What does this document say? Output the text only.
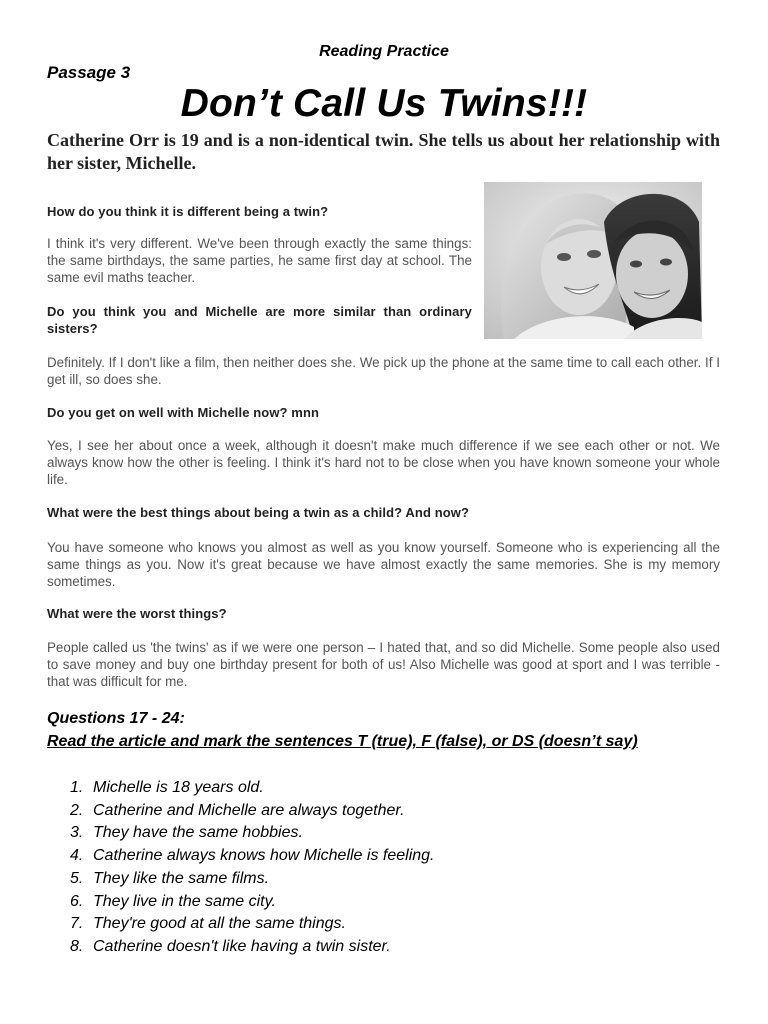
Reading Practice
Passage 3
Don’t Call Us Twins!!!
Catherine Orr is 19 and is a non-identical twin. She tells us about her relationship with her sister, Michelle.
How do you think it is different being a twin?
I think it's very different. We've been through exactly the same things: the same birthdays, the same parties, he same first day at school. The same evil maths teacher.
Do you think you and Michelle are more similar than ordinary sisters?
Definitely. If I don't like a film, then neither does she. We pick up the phone at the same time to call each other. If I get ill, so does she.
Do you get on well with Michelle now? mnn
Yes, I see her about once a week, although it doesn't make much difference if we see each other or not. We always know how the other is feeling. I think it's hard not to be close when you have known someone your whole life.
What were the best things about being a twin as a child? And now?
You have someone who knows you almost as well as you know yourself. Someone who is experiencing all the same things as you. Now it's great because we have almost exactly the same memories. She is my memory sometimes.
What were the worst things?
People called us 'the twins' as if we were one person – I hated that, and so did Michelle. Some people also used to save money and buy one birthday present for both of us! Also Michelle was good at sport and I was terrible - that was difficult for me.
Questions 17 - 24:
Read the article and mark the sentences T (true), F (false), or DS (doesn’t say)
1. Michelle is 18 years old.
2. Catherine and Michelle are always together.
3. They have the same hobbies.
4. Catherine always knows how Michelle is feeling.
5. They like the same films.
6. They live in the same city.
7. They're good at all the same things.
8. Catherine doesn't like having a twin sister.
